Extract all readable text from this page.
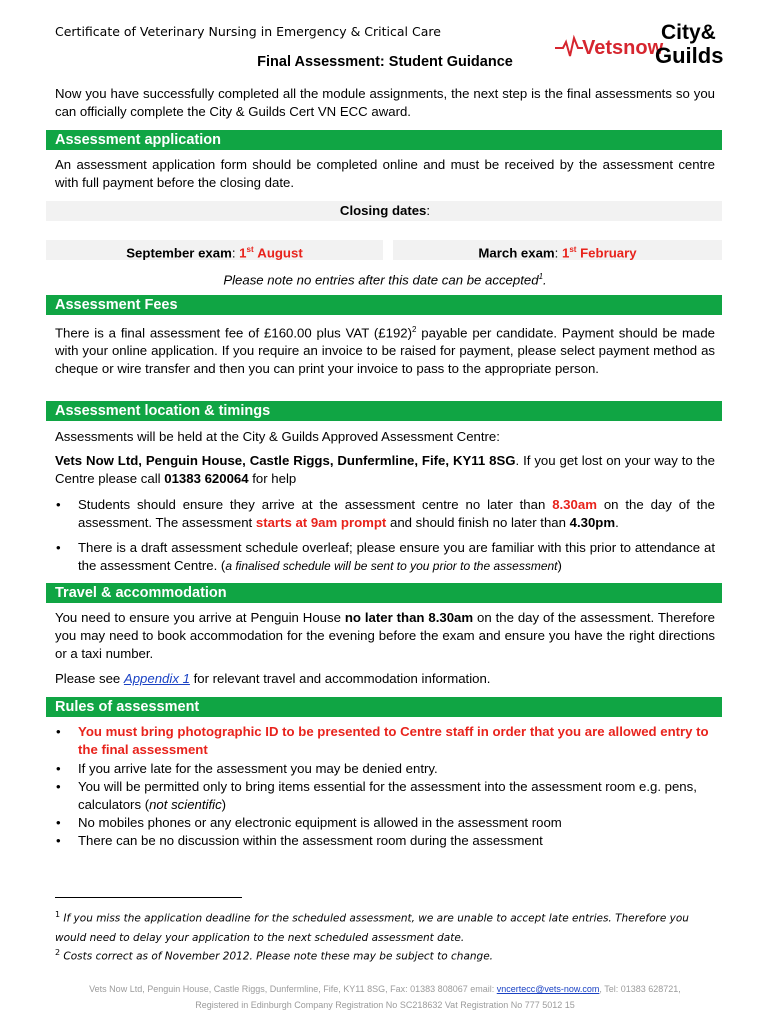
Certificate of Veterinary Nursing in Emergency & Critical Care
Vetsnow
City&
Guilds
Final Assessment: Student Guidance
Now you have successfully completed all the module assignments, the next step is the final assessments so you can officially complete the City & Guilds Cert VN ECC award.
Assessment application
An assessment application form should be completed online and must be received by the assessment centre with full payment before the closing date.
Closing dates:
September exam: 1st August	March exam: 1st February
Please note no entries after this date can be accepted$^1$.
Assessment Fees
There is a final assessment fee of £160.00 plus VAT (£192)$^2$ payable per candidate. Payment should be made with your online application. If you require an invoice to be raised for payment, please select payment method as cheque or wire transfer and then you can print your invoice to pass to the appropriate person.
Assessment location & timings
Assessments will be held at the City & Guilds Approved Assessment Centre:
Vets Now Ltd, Penguin House, Castle Riggs, Dunfermline, Fife, KY11 8SG. If you get lost on your way to the Centre please call 01383 620064 for help
• Students should ensure they arrive at the assessment centre no later than 8.30am on the day of the assessment. The assessment starts at 9am prompt and should finish no later than 4.30pm.
• There is a draft assessment schedule overleaf; please ensure you are familiar with this prior to attendance at the assessment Centre. (a finalised schedule will be sent to you prior to the assessment)
Travel & accommodation
You need to ensure you arrive at Penguin House no later than 8.30am on the day of the assessment. Therefore you may need to book accommodation for the evening before the exam and ensure you have the right directions or a taxi number.
Please see Appendix 1 for relevant travel and accommodation information.
Rules of assessment
• You must bring photographic ID to be presented to Centre staff in order that you are allowed entry to the final assessment
• If you arrive late for the assessment you may be denied entry.
• You will be permitted only to bring items essential for the assessment into the assessment room e.g. pens, calculators (not scientific)
• No mobiles phones or any electronic equipment is allowed in the assessment room
• There can be no discussion within the assessment room during the assessment
$^1$ If you miss the application deadline for the scheduled assessment, we are unable to accept late entries. Therefore you would need to delay your application to the next scheduled assessment date.
$^2$ Costs correct as of November 2012. Please note these may be subject to change.
Vets Now Ltd, Penguin House, Castle Riggs, Dunfermline, Fife, KY11 8SG, Fax: 01383 808067 email: vncertecc@vets-now.com, Tel: 01383 628721,
Registered in Edinburgh Company Registration No SC218632 Vat Registration No 777 5012 15
